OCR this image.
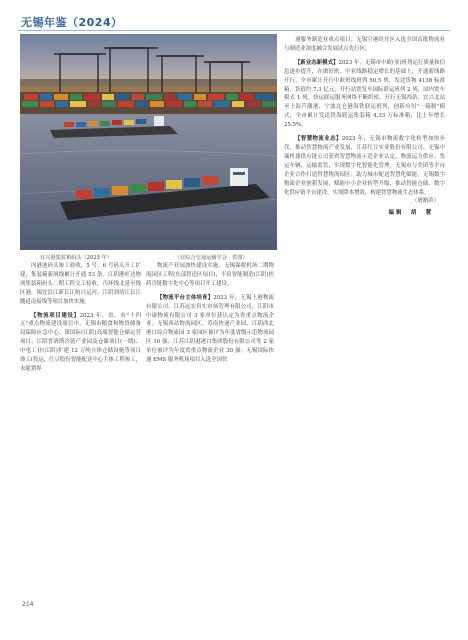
无锡年鉴（2024）
宜兴港集装箱码头（2023 年）	（宜综合交通运输学会　供图）

内港池码头竣工验收，5 号、6 号码头开工扩建，集装箱新航线累计开通 53 条。江阴港旺达物流集装箱码头二期工程交工验收，丙环线北延至线区港，锡宜沿江新长江航兴运河、江阴到靖江长江隧道南接线等项目加快实施。

【物流项目建设】2023 年，省、市"十四五"重点物流建设项目中，无锡市粮食和物资储备局保障应急中心、深国际(江阴)高端智能仓储运营项目、江阴普洛斯冷链产业园及仓储项目(一期)、中电工业(江阴)扩建 12 万吨立体仓储设施等项目竣工(投运，红豆股份智能配送中心主体工程竣工，未能划界

物流产业园加快建设实施，无锡保税机场二期物流园区工程(东部智造区项目)、丰泉智能制造(江阴)医药冷链数字化中心等项目开工建设。

【物流平台主体培育】2023 年，无锡上港物流有限公司、江苏远宏真实市场管理有限公司、江阴市中康物流有限公司 3 家单位获认定为省重点物流企业；无锡西站物流园区、苏南快递产业园、江阴西北港口综合物流园 3 家园区被评为年度省级示范物流园区 10 强；江苏江阴港港口集团股份有限公司等 2 家单位被评为年度省重点物流企业 30 强；无锡国际快递 EMS 服务机场项目入选全国快

递服务制造业重点项目；无锡空港经开区入选全国首批物流业与制造业深度融合发展试点先行区。

【新业态新模式】2023 年，无锡市中欧(亚)班列运行质量和信息逐步提升，在做好班、中亚线路稳定增长的基础上，开通新线路开行，全市累计开行中欧班线班列 50.5 列，发送货物 4138 标准箱，货值约 7.3 亿元，开行站宽发车国际联运班列 2 列，国内宽车模式 1 列。快运联运服务网络不断织密，开行无锡西站、宜兴北站至上海芦潮港、宁波北仑港海铁联运班列，创新应用"一箱制"模式，全市累计发送铁海联运集装箱 4.33 万标准箱，比上年增长 25.5%。

【智慧物流业态】2023 年，无锡市物流数字化转型加快步伐，推动智慧物流产业发展，江苏红豆实业股份有限公司、无锡中瑞机器供应链公司获省智慧物流示范企业认定，物流运力供应、货运车辆、运输监管，实现数字化智能化管理；无锡市与美团等平台企业合作打造智慧物流园区；助力城市配送智慧化赋能，无锡数字物流企业创新发展，赋能中小企业转型升级，推动智能仓储、数字化供应链平台建设，实现降本增效，构建智慧物流生态体系。

（屠路滨）

编辑　胡　慧

214
